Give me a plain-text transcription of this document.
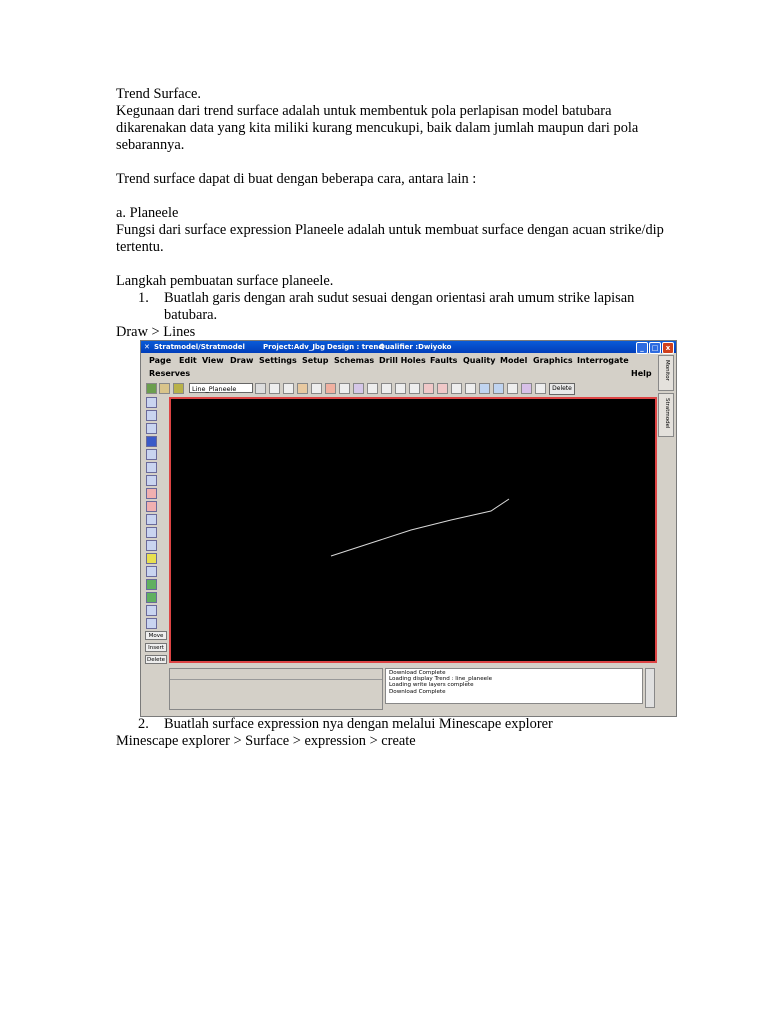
Trend Surface.

Kegunaan dari trend surface adalah untuk membentuk pola perlapisan model batubara dikarenakan data yang kita miliki kurang mencukupi, baik dalam jumlah maupun dari pola sebarannya.

Trend surface dapat di buat dengan beberapa cara, antara lain :

a. Planeele

Fungsi dari surface expression Planeele adalah untuk membuat surface dengan acuan strike/dip tertentu.

Langkah pembuatan surface planeele.

1.	Buatlah garis dengan arah sudut sesuai dengan orientasi arah umum strike lapisan batubara.

Draw > Lines

✕ Stratmodel/Stratmodel	Project:Adv_Jbg Design : trend
Qualifier :Dwiyoko	_	□	x
Page Edit View Draw Settings Setup Schemas Drill Holes Faults Quality Model Graphics Interrogate
Reserves	Help
Line_Planeele	Delete
Move
Insert
Delete
Monitor
Stratmodel
Download Complete
Loading display Trend : line_planeele
Loading write layers complete
Download Complete
2.	Buatlah surface expression nya dengan melalui Minescape explorer

Minescape explorer > Surface > expression > create
